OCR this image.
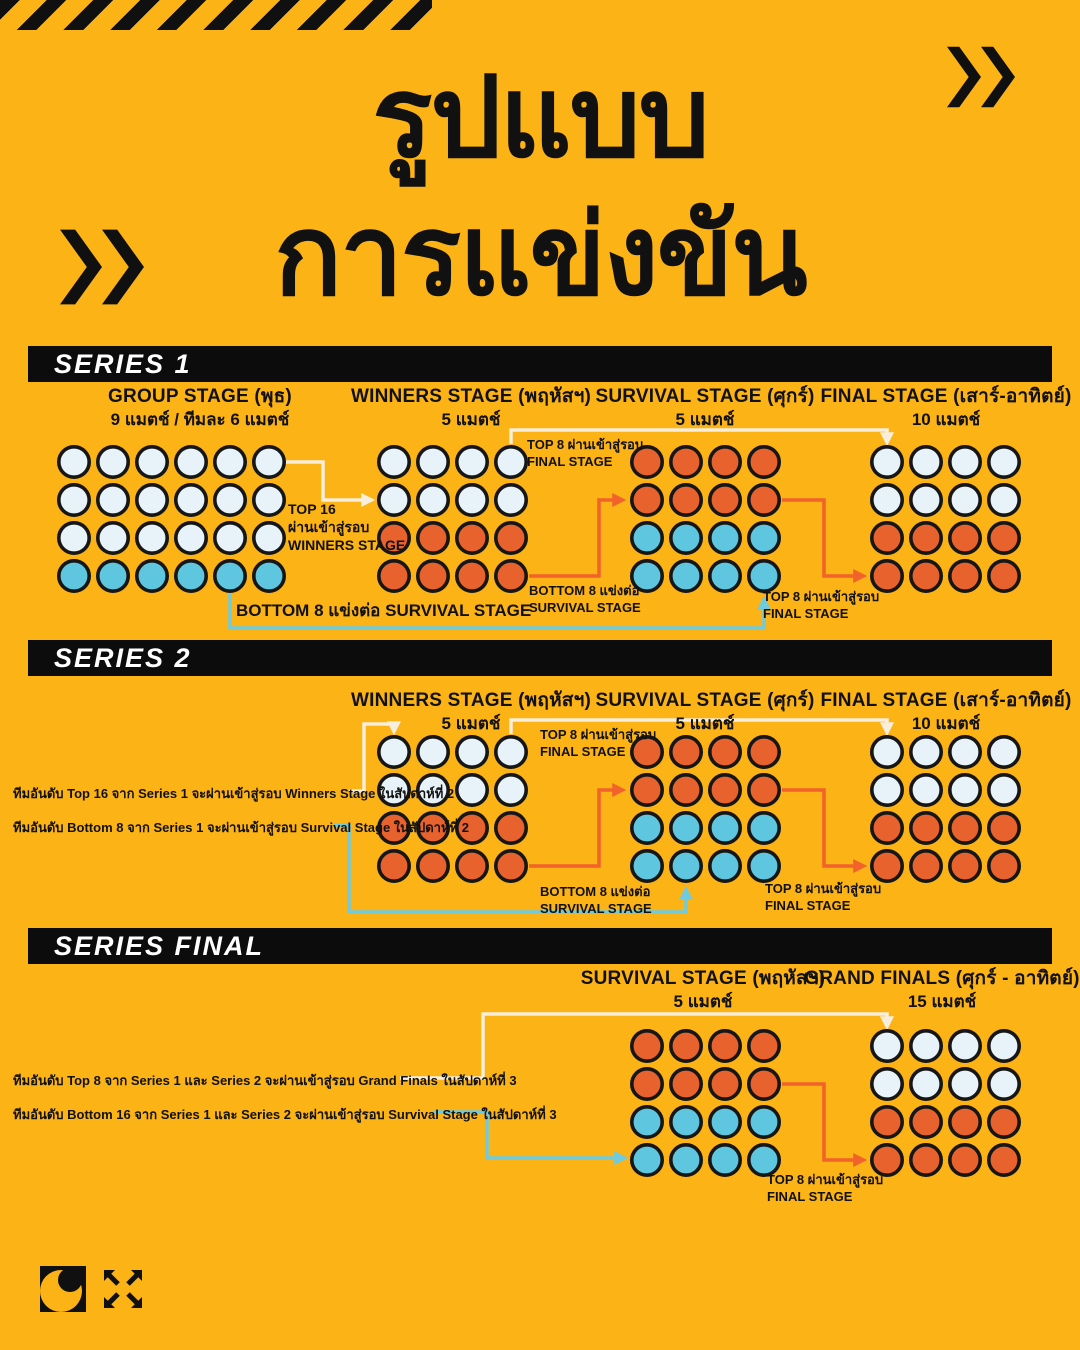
รูปแบบ
การแข่งขัน
SERIES 1
GROUP STAGE (พุธ)
9 แมตช์ / ทีมละ 6 แมตช์
WINNERS STAGE (พฤหัสฯ)
5 แมตช์
SURVIVAL STAGE (ศุกร์)
5 แมตช์
FINAL STAGE (เสาร์-อาทิตย์)
10 แมตช์
TOP 16
ผ่านเข้าสู่รอบ
WINNERS STAGE
TOP 8 ผ่านเข้าสู่รอบ
FINAL STAGE
BOTTOM 8 แข่งต่อ
SURVIVAL STAGE
TOP 8 ผ่านเข้าสู่รอบ
FINAL STAGE
BOTTOM 8 แข่งต่อ SURVIVAL STAGE
SERIES 2
WINNERS STAGE (พฤหัสฯ)
5 แมตช์
SURVIVAL STAGE (ศุกร์)
5 แมตช์
FINAL STAGE (เสาร์-อาทิตย์)
10 แมตช์
ทีมอันดับ Top 16 จาก Series 1 จะผ่านเข้าสู่รอบ Winners Stage ในสัปดาห์ที่ 2
ทีมอันดับ Bottom 8 จาก Series 1 จะผ่านเข้าสู่รอบ Survival Stage ในสัปดาห์ที่ 2
TOP 8 ผ่านเข้าสู่รอบ
FINAL STAGE
BOTTOM 8 แข่งต่อ
SURVIVAL STAGE
TOP 8 ผ่านเข้าสู่รอบ
FINAL STAGE
SERIES FINAL
SURVIVAL STAGE (พฤหัสฯ)
5 แมตช์
GRAND FINALS (ศุกร์ - อาทิตย์)
15 แมตช์
ทีมอันดับ Top 8 จาก Series 1 และ Series 2 จะผ่านเข้าสู่รอบ Grand Finals ในสัปดาห์ที่ 3
ทีมอันดับ Bottom 16 จาก Series 1 และ Series 2 จะผ่านเข้าสู่รอบ Survival Stage ในสัปดาห์ที่ 3
TOP 8 ผ่านเข้าสู่รอบ
FINAL STAGE
